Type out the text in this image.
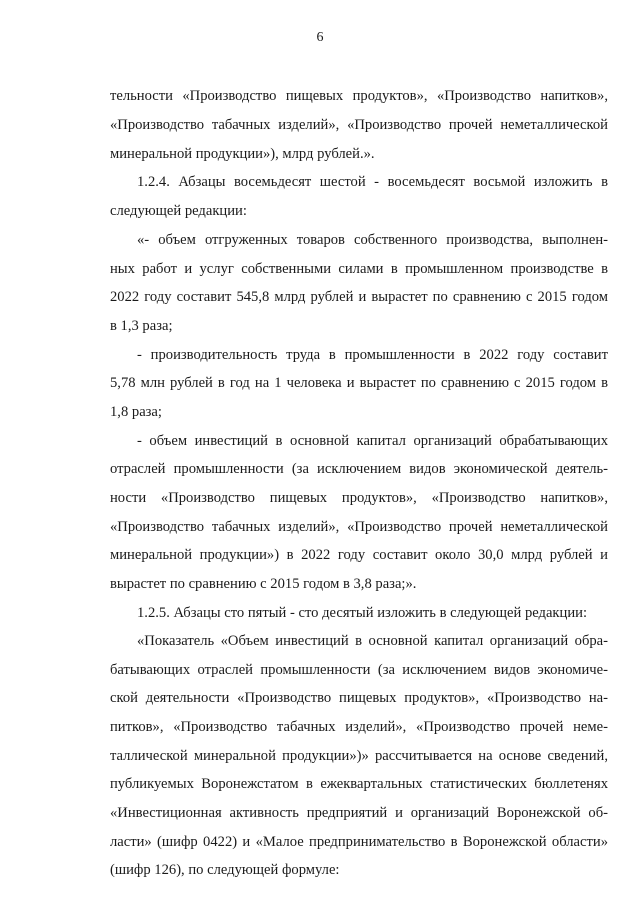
6
тельности «Производство пищевых продуктов», «Производство напитков»,
«Производство табачных изделий», «Производство прочей неметаллической
минеральной продукции»), млрд рублей.».
1.2.4. Абзацы восемьдесят шестой - восемьдесят восьмой изложить в
следующей редакции:
«- объем отгруженных товаров собственного производства, выполнен-
ных работ и услуг собственными силами в промышленном производстве в
2022 году составит 545,8 млрд рублей и вырастет по сравнению с 2015 годом
в 1,3 раза;
- производительность труда в промышленности в 2022 году составит
5,78 млн рублей в год на 1 человека и вырастет по сравнению с 2015 годом в
1,8 раза;
- объем инвестиций в основной капитал организаций обрабатывающих
отраслей промышленности (за исключением видов экономической деятель-
ности «Производство пищевых продуктов», «Производство напитков»,
«Производство табачных изделий», «Производство прочей неметаллической
минеральной продукции») в 2022 году составит около 30,0 млрд рублей и
вырастет по сравнению с 2015 годом в 3,8 раза;».
1.2.5. Абзацы сто пятый - сто десятый изложить в следующей редакции:
«Показатель «Объем инвестиций в основной капитал организаций обра-
батывающих отраслей промышленности (за исключением видов экономиче-
ской деятельности «Производство пищевых продуктов», «Производство на-
питков», «Производство табачных изделий», «Производство прочей неме-
таллической минеральной продукции»)» рассчитывается на основе сведений,
публикуемых Воронежстатом в ежеквартальных статистических бюллетенях
«Инвестиционная активность предприятий и организаций Воронежской об-
ласти» (шифр 0422) и «Малое предпринимательство в Воронежской области»
(шифр 126), по следующей формуле:
